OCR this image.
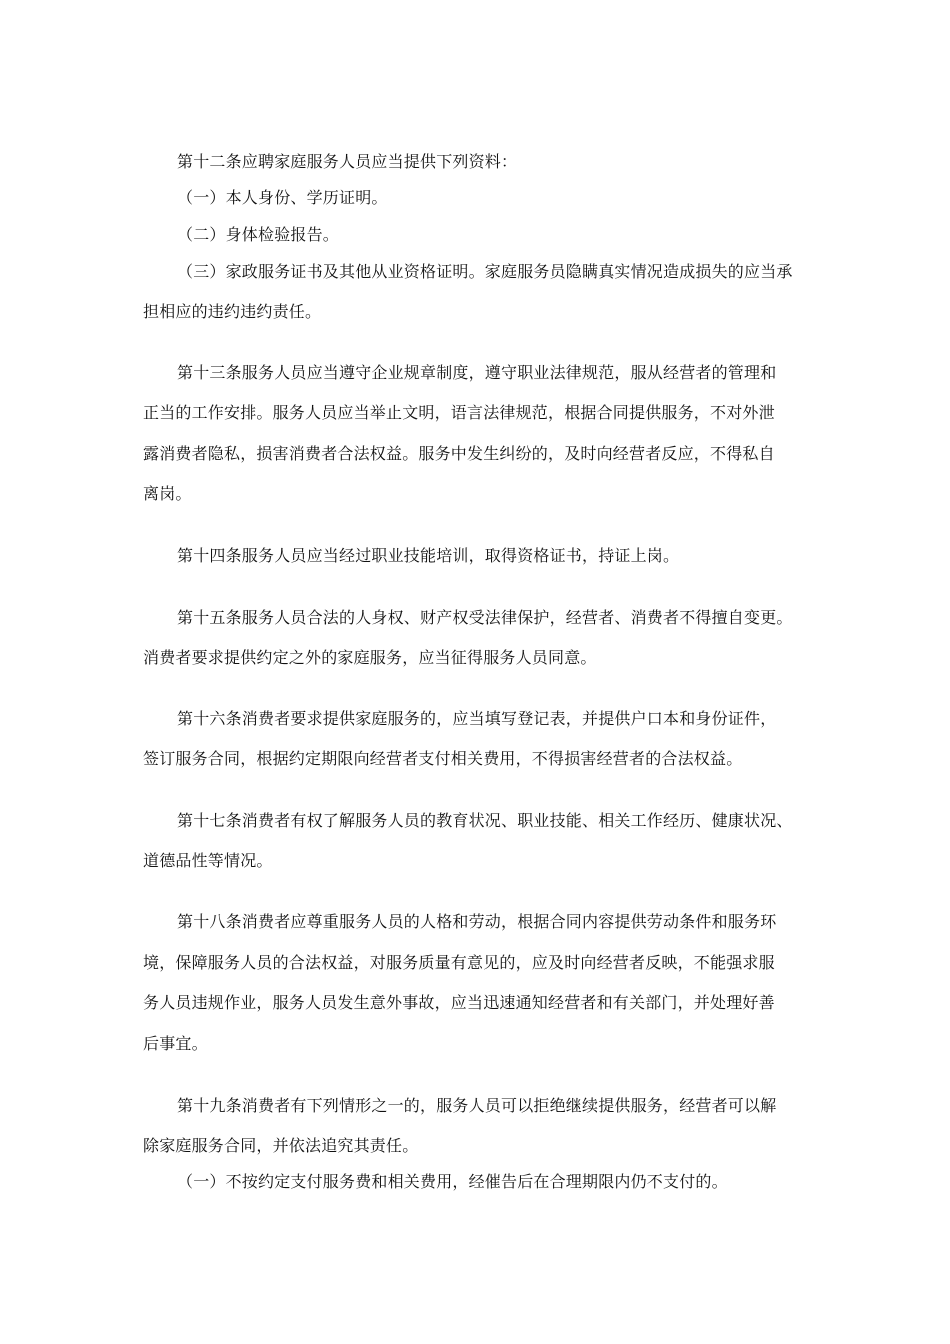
第十二条应聘家庭服务人员应当提供下列资料：
（一）本人身份、学历证明。
（二）身体检验报告。
（三）家政服务证书及其他从业资格证明。家庭服务员隐瞒真实情况造成损失的应当承
担相应的违约违约责任。
第十三条服务人员应当遵守企业规章制度，遵守职业法律规范，服从经营者的管理和
正当的工作安排。服务人员应当举止文明，语言法律规范，根据合同提供服务，不对外泄
露消费者隐私，损害消费者合法权益。服务中发生纠纷的，及时向经营者反应，不得私自
离岗。
第十四条服务人员应当经过职业技能培训，取得资格证书，持证上岗。
第十五条服务人员合法的人身权、财产权受法律保护，经营者、消费者不得擅自变更。
消费者要求提供约定之外的家庭服务，应当征得服务人员同意。
第十六条消费者要求提供家庭服务的，应当填写登记表，并提供户口本和身份证件，
签订服务合同，根据约定期限向经营者支付相关费用，不得损害经营者的合法权益。
第十七条消费者有权了解服务人员的教育状况、职业技能、相关工作经历、健康状况、
道德品性等情况。
第十八条消费者应尊重服务人员的人格和劳动，根据合同内容提供劳动条件和服务环
境，保障服务人员的合法权益，对服务质量有意见的，应及时向经营者反映，不能强求服
务人员违规作业，服务人员发生意外事故，应当迅速通知经营者和有关部门，并处理好善
后事宜。
第十九条消费者有下列情形之一的，服务人员可以拒绝继续提供服务，经营者可以解
除家庭服务合同，并依法追究其责任。
（一）不按约定支付服务费和相关费用，经催告后在合理期限内仍不支付的。
